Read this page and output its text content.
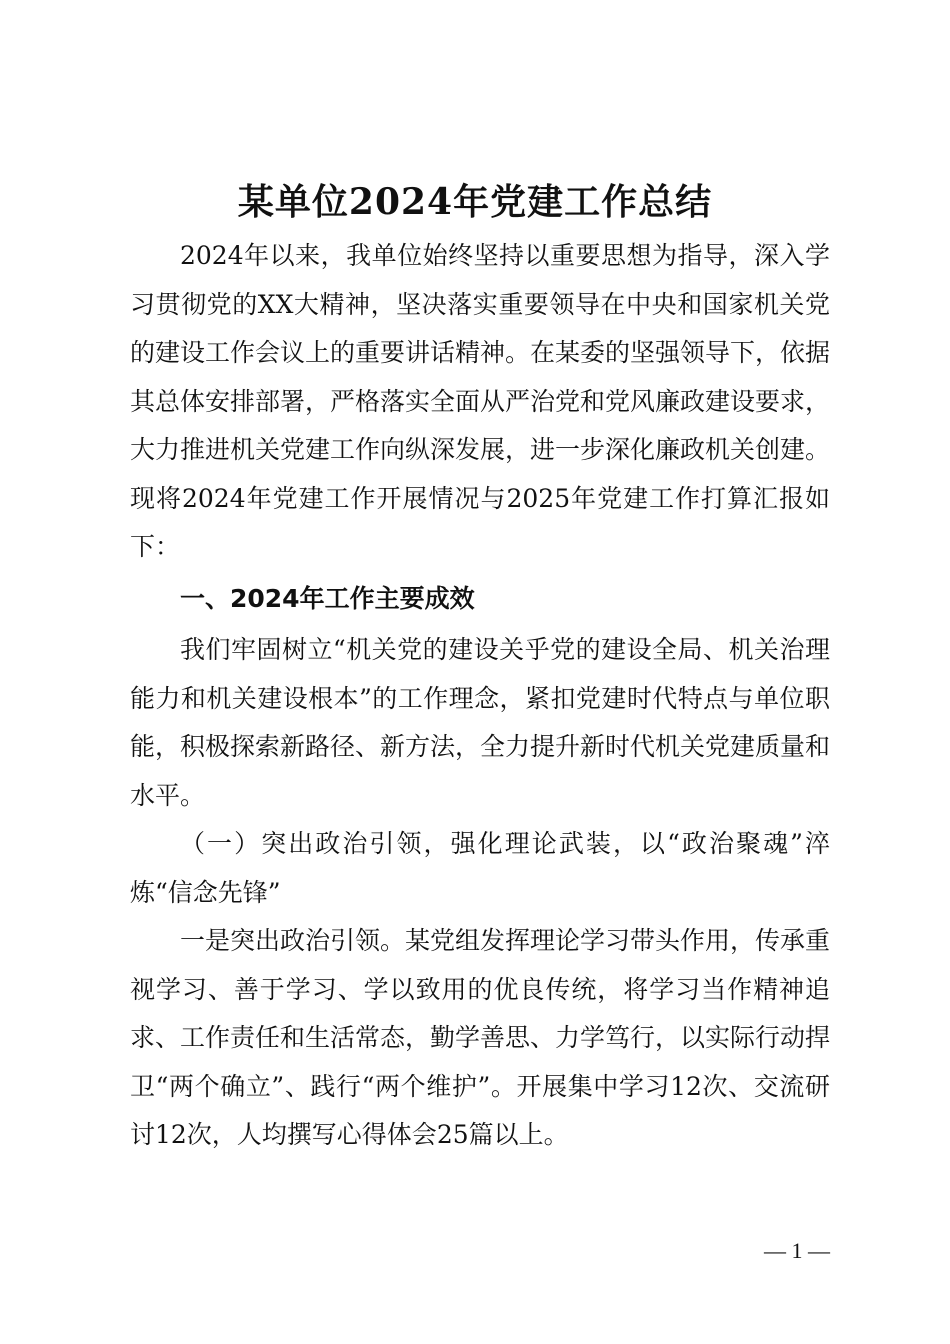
某单位2024年党建工作总结

2024年以来，我单位始终坚持以重要思想为指导，深入学习贯彻党的XX大精神，坚决落实重要领导在中央和国家机关党的建设工作会议上的重要讲话精神。在某委的坚强领导下，依据其总体安排部署，严格落实全面从严治党和党风廉政建设要求，大力推进机关党建工作向纵深发展，进一步深化廉政机关创建。现将2024年党建工作开展情况与2025年党建工作打算汇报如下：

一、2024年工作主要成效

我们牢固树立“机关党的建设关乎党的建设全局、机关治理能力和机关建设根本”的工作理念，紧扣党建时代特点与单位职能，积极探索新路径、新方法，全力提升新时代机关党建质量和水平。

（一）突出政治引领，强化理论武装，以“政治聚魂”淬炼“信念先锋”

一是突出政治引领。某党组发挥理论学习带头作用，传承重视学习、善于学习、学以致用的优良传统，将学习当作精神追求、工作责任和生活常态，勤学善思、力学笃行，以实际行动捍卫“两个确立”、践行“两个维护”。开展集中学习12次、交流研讨12次，人均撰写心得体会25篇以上。

— 1 —
